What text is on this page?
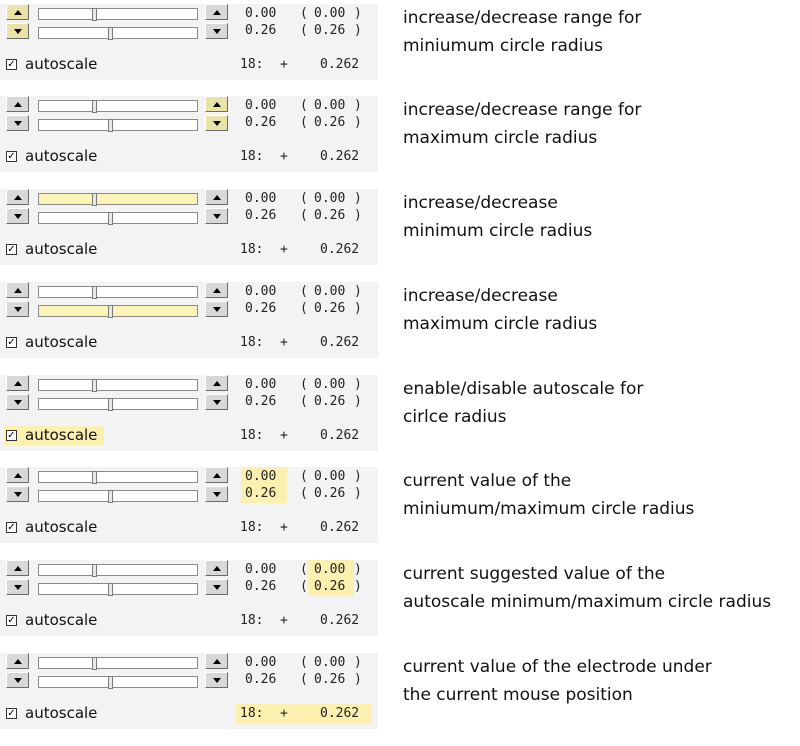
0.00 ( 0.00 )
0.26 ( 0.26 )
✓ autoscale	18: + 0.262
increase/decrease range for
miniumum circle radius
0.00 ( 0.00 )
0.26 ( 0.26 )
✓ autoscale	18: + 0.262
increase/decrease range for
maximum circle radius
0.00 ( 0.00 )
0.26 ( 0.26 )
✓ autoscale	18: + 0.262
increase/decrease
minimum circle radius
0.00 ( 0.00 )
0.26 ( 0.26 )
✓ autoscale	18: + 0.262
increase/decrease
maximum circle radius
0.00 ( 0.00 )
0.26 ( 0.26 )
✓ autoscale	18: + 0.262
enable/disable autoscale for
cirlce radius
0.00 ( 0.00 )
0.26 ( 0.26 )
✓ autoscale	18: + 0.262
current value of the
miniumum/maximum circle radius
0.00 ( 0.00 )
0.26 ( 0.26 )
✓ autoscale	18: + 0.262
current suggested value of the
autoscale minimum/maximum circle radius
0.00 ( 0.00 )
0.26 ( 0.26 )
✓ autoscale	18: + 0.262
current value of the electrode under
the current mouse position
